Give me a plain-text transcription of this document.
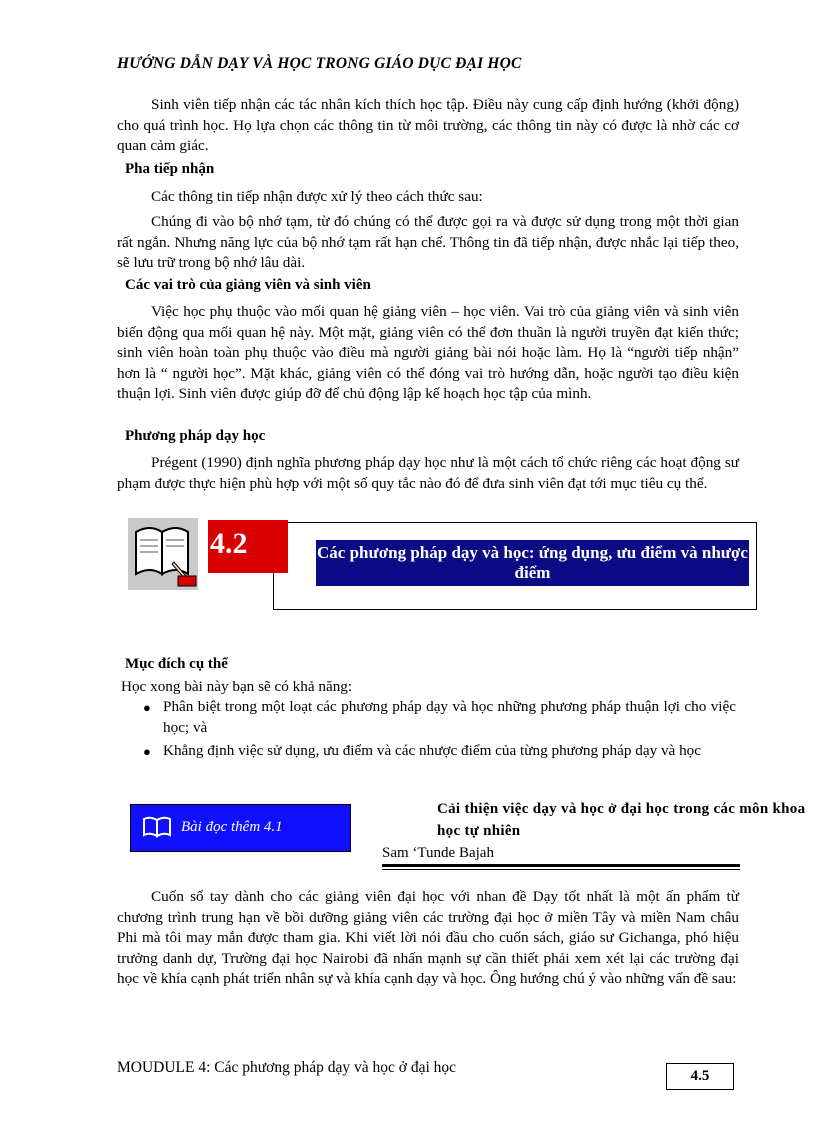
HƯỚNG DẪN DẠY VÀ HỌC TRONG GIÁO DỤC ĐẠI HỌC
Sinh viên tiếp nhận các tác nhân kích thích học tập. Điều này cung cấp định hướng (khởi động) cho quá trình học. Họ lựa chọn các thông tin từ môi trường, các thông tin này có được là nhờ các cơ quan cảm giác.
Pha tiếp nhận
Các thông tin tiếp nhận được xử lý theo cách thức sau:
Chúng đi vào bộ nhớ tạm, từ đó chúng có thể được gọi ra và được sử dụng trong một thời gian rất ngắn. Nhưng năng lực của bộ nhớ tạm rất hạn chế. Thông tin đã tiếp nhận, được nhắc lại tiếp theo, sẽ lưu trữ trong bộ nhớ lâu dài.
Các vai trò của giảng viên và sinh viên
Việc học phụ thuộc vào mối quan hệ giảng viên – học viên. Vai trò của giảng viên và sinh viên biến động qua mối quan hệ này. Một mặt, giảng viên có thể đơn thuần là người truyền đạt kiến thức; sinh viên hoàn toàn phụ thuộc vào điều mà người giảng bài nói hoặc làm. Họ là “người tiếp nhận” hơn là “ người học”. Mặt khác, giảng viên có thể đóng vai trò hướng dẫn, hoặc người tạo điều kiện thuận lợi. Sinh viên được giúp đỡ để chủ động lập kế hoạch học tập của mình.
Phương pháp dạy học
Prégent (1990) định nghĩa phương pháp dạy học như là một cách tổ chức riêng các hoạt động sư phạm được thực hiện phù hợp với một số quy tắc nào đó để đưa sinh viên đạt tới mục tiêu cụ thể.
4.2	Các phương pháp dạy và học: ứng dụng, ưu điểm và nhược điểm
Mục đích cụ thể
Học xong bài này bạn sẽ có khả năng:
● Phân biệt trong một loạt các phương pháp dạy và học những phương pháp thuận lợi cho việc học; và
● Khẳng định việc sử dụng, ưu điểm và các nhược điểm của từng phương pháp dạy và học
Bài đọc thêm 4.1
Cải thiện việc dạy và học ở đại học trong các môn khoa học tự nhiên
Sam ‘Tunde Bajah
Cuốn sổ tay dành cho các giảng viên đại học với nhan đề Dạy tốt nhất là một ấn phẩm từ chương trình trung hạn về bồi dưỡng giảng viên các trường đại học ở miền Tây và miền Nam châu Phi mà tôi may mắn được tham gia. Khi viết lời nói đầu cho cuốn sách, giáo sư Gichanga, phó hiệu trưởng danh dự, Trường đại học Nairobi đã nhấn mạnh sự cần thiết phải xem xét lại các trường đại học về khía cạnh phát triển nhân sự và khía cạnh dạy và học. Ông hướng chú ý vào những vấn đề sau:
MOUDULE 4: Các phương pháp dạy và học ở đại học	4.5
